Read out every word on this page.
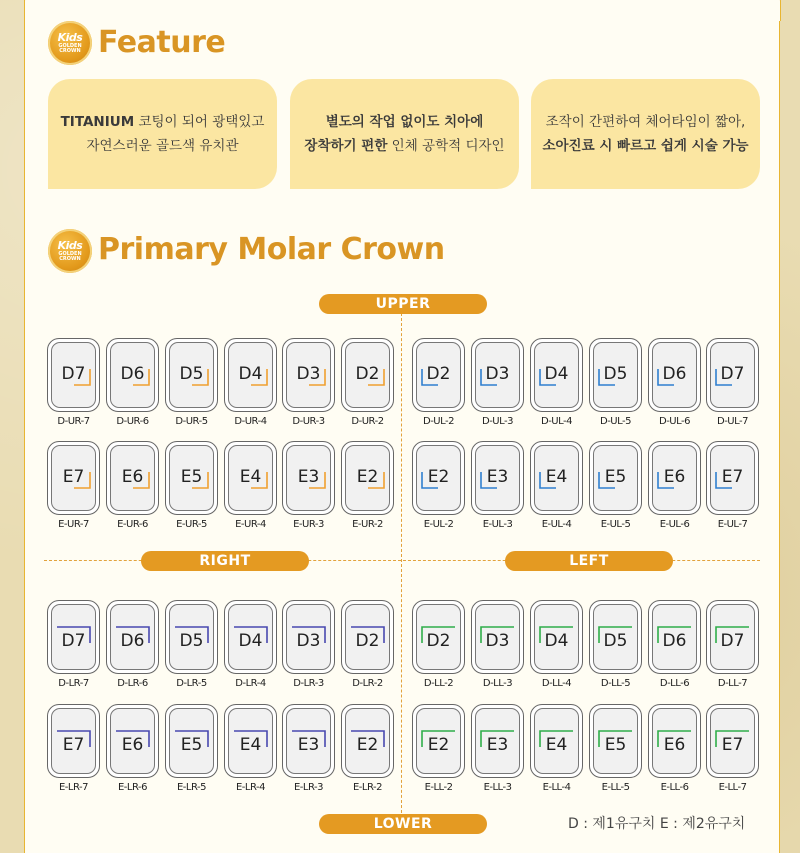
Kids
GOLDEN
CROWN Feature
TITANIUM 코팅이 되어 광택있고
자연스러운 골드색 유치관
별도의 작업 없이도 치아에
장착하기 편한 인체 공학적 디자인
조작이 간편하여 체어타임이 짧아,
소아진료 시 빠르고 쉽게 시술 가능
Kids
GOLDEN
CROWN Primary Molar Crown
UPPER
LOWER
RIGHT	LEFT
D7
D-UR-7
D6
D-UR-6
D5
D-UR-5
D4
D-UR-4
D3
D-UR-3
D2
D-UR-2
E7
E-UR-7
E6
E-UR-6
E5
E-UR-5
E4
E-UR-4
E3
E-UR-3
E2
E-UR-2
D2
D-UL-2
D3
D-UL-3
D4
D-UL-4
D5
D-UL-5
D6
D-UL-6
D7
D-UL-7
E2
E-UL-2
E3
E-UL-3
E4
E-UL-4
E5
E-UL-5
E6
E-UL-6
E7
E-UL-7
D7
D-LR-7
D6
D-LR-6
D5
D-LR-5
D4
D-LR-4
D3
D-LR-3
D2
D-LR-2
E7
E-LR-7
E6
E-LR-6
E5
E-LR-5
E4
E-LR-4
E3
E-LR-3
E2
E-LR-2
D2
D-LL-2
D3
D-LL-3
D4
D-LL-4
D5
D-LL-5
D6
D-LL-6
D7
D-LL-7
E2
E-LL-2
E3
E-LL-3
E4
E-LL-4
E5
E-LL-5
E6
E-LL-6
E7
E-LL-7
D : 제1유구치 E : 제2유구치
